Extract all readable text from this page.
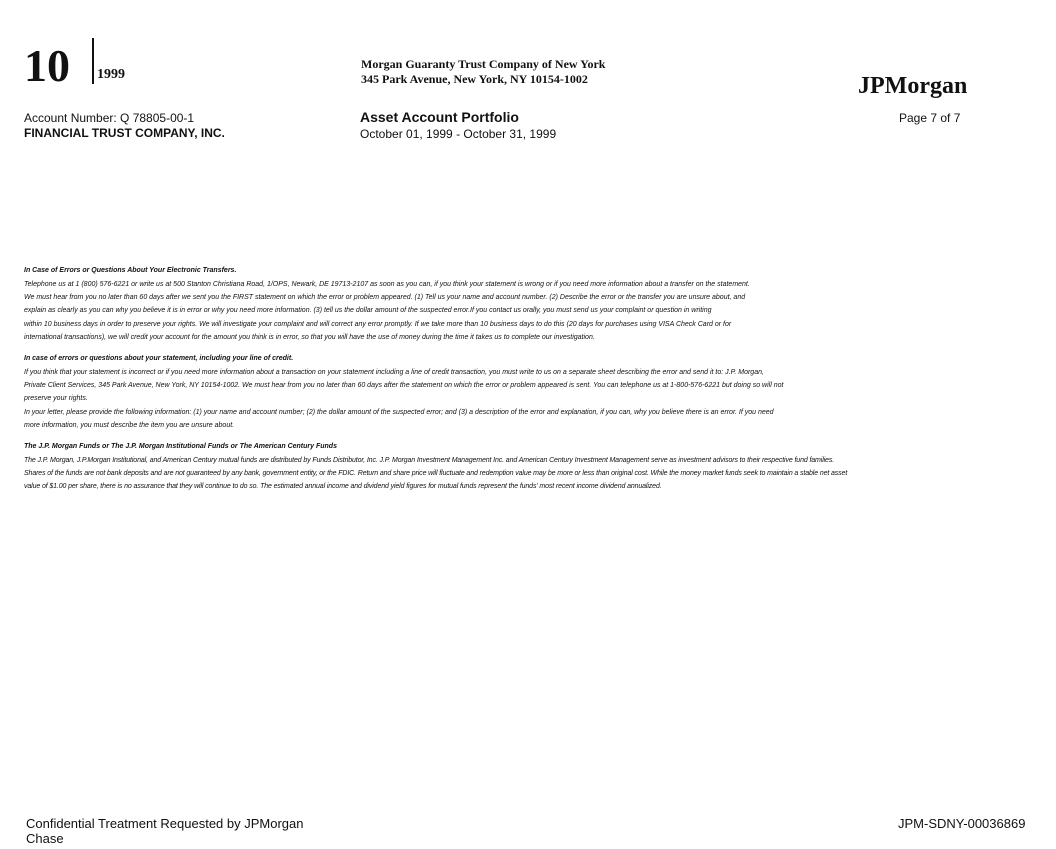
10 1999
Morgan Guaranty Trust Company of New York
345 Park Avenue, New York, NY 10154-1002	JPMorgan
Account Number: Q 78805-00-1
FINANCIAL TRUST COMPANY, INC.
Asset Account Portfolio
October 01, 1999 - October 31, 1999
Page 7 of 7
In Case of Errors or Questions About Your Electronic Transfers.
Telephone us at 1 (800) 576-6221 or write us at 500 Stanton Christiana Road, 1/OPS, Newark, DE 19713-2107 as soon as you can, if you think your statement is wrong or if you need more information about a transfer on the statement.
We must hear from you no later than 60 days after we sent you the FIRST statement on which the error or problem appeared. (1) Tell us your name and account number. (2) Describe the error or the transfer you are unsure about, and
explain as clearly as you can why you believe it is in error or why you need more information. (3) tell us the dollar amount of the suspected error.If you contact us orally, you must send us your complaint or question in writing
within 10 business days in order to preserve your rights. We will investigate your complaint and will correct any error promptly. If we take more than 10 business days to do this (20 days for purchases using VISA Check Card or for
international transactions), we will credit your account for the amount you think is in error, so that you will have the use of money during the time it takes us to complete our investigation.
In case of errors or questions about your statement, including your line of credit.
If you think that your statement is incorrect or if you need more information about a transaction on your statement including a line of credit transaction, you must write to us on a separate sheet describing the error and send it to: J.P. Morgan,
Private Client Services, 345 Park Avenue, New York, NY 10154-1002. We must hear from you no later than 60 days after the statement on which the error or problem appeared is sent. You can telephone us at 1-800-576-6221 but doing so will not
preserve your rights.
In your letter, please provide the following information: (1) your name and account number; (2) the dollar amount of the suspected error; and (3) a description of the error and explanation, if you can, why you believe there is an error. If you need
more information, you must describe the item you are unsure about.
The J.P. Morgan Funds or The J.P. Morgan Institutional Funds or The American Century Funds
The J.P. Morgan, J.P.Morgan Institutional, and American Century mutual funds are distributed by Funds Distributor, Inc. J.P. Morgan Investment Management Inc. and American Century Investment Management serve as investment advisors to their respective fund families.
Shares of the funds are not bank deposits and are not guaranteed by any bank, government entity, or the FDIC. Return and share price will fluctuate and redemption value may be more or less than original cost. While the money market funds seek to maintain a stable net asset
value of $1.00 per share, there is no assurance that they will continue to do so. The estimated annual income and dividend yield figures for mutual funds represent the funds' most recent income dividend annualized.
Confidential Treatment Requested by JPMorgan Chase
JPM-SDNY-00036869
